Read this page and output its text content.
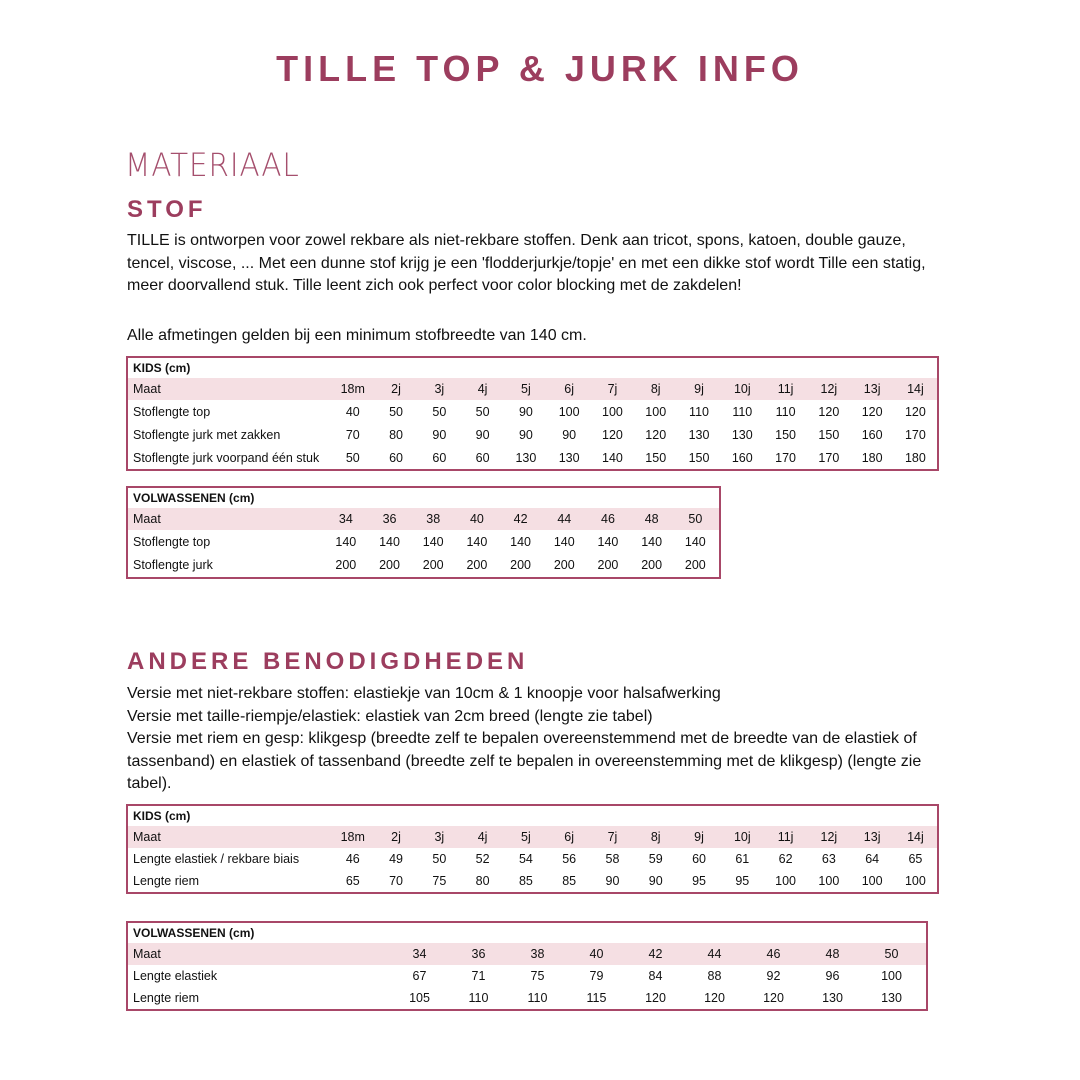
TILLE TOP & JURK INFO
MATERIAAL
STOF

TILLE is ontworpen voor zowel rekbare als niet-rekbare stoffen. Denk aan tricot, spons, katoen, double gauze, tencel, viscose, ... Met een dunne stof krijg je een 'flodderjurkje/topje' en met een dikke stof wordt Tille een statig, meer doorvallend stuk. Tille leent zich ook perfect voor color blocking met de zakdelen!

Alle afmetingen gelden bij een minimum stofbreedte van 140 cm.
KIDS (cm)
Maat	18m	2j	3j	4j	5j	6j	7j	8j	9j	10j	11j	12j	13j	14j
Stoflengte top	40	50	50	50	90	100	100	100	110	110	110	120	120	120
Stoflengte jurk met zakken	70	80	90	90	90	90	120	120	130	130	150	150	160	170
Stoflengte jurk voorpand één stuk	50	60	60	60	130	130	140	150	150	160	170	170	180	180
VOLWASSENEN (cm)
Maat	34	36	38	40	42	44	46	48	50
Stoflengte top	140	140	140	140	140	140	140	140	140
Stoflengte jurk	200	200	200	200	200	200	200	200	200
ANDERE BENODIGDHEDEN

Versie met niet-rekbare stoffen: elastiekje van 10cm & 1 knoopje voor halsafwerking

Versie met taille-riempje/elastiek: elastiek van 2cm breed (lengte zie tabel)

Versie met riem en gesp: klikgesp (breedte zelf te bepalen overeenstemmend met de breedte van de elastiek of tassenband) en elastiek of tassenband (breedte zelf te bepalen in overeenstemming met de klikgesp) (lengte zie tabel).

KIDS (cm)
Maat	18m	2j	3j	4j	5j	6j	7j	8j	9j	10j	11j	12j	13j	14j
Lengte elastiek / rekbare biais	46	49	50	52	54	56	58	59	60	61	62	63	64	65
Lengte riem	65	70	75	80	85	85	90	90	95	95	100	100	100	100
VOLWASSENEN (cm)
Maat	34	36	38	40	42	44	46	48	50
Lengte elastiek	67	71	75	79	84	88	92	96	100
Lengte riem	105	110	110	115	120	120	120	130	130
